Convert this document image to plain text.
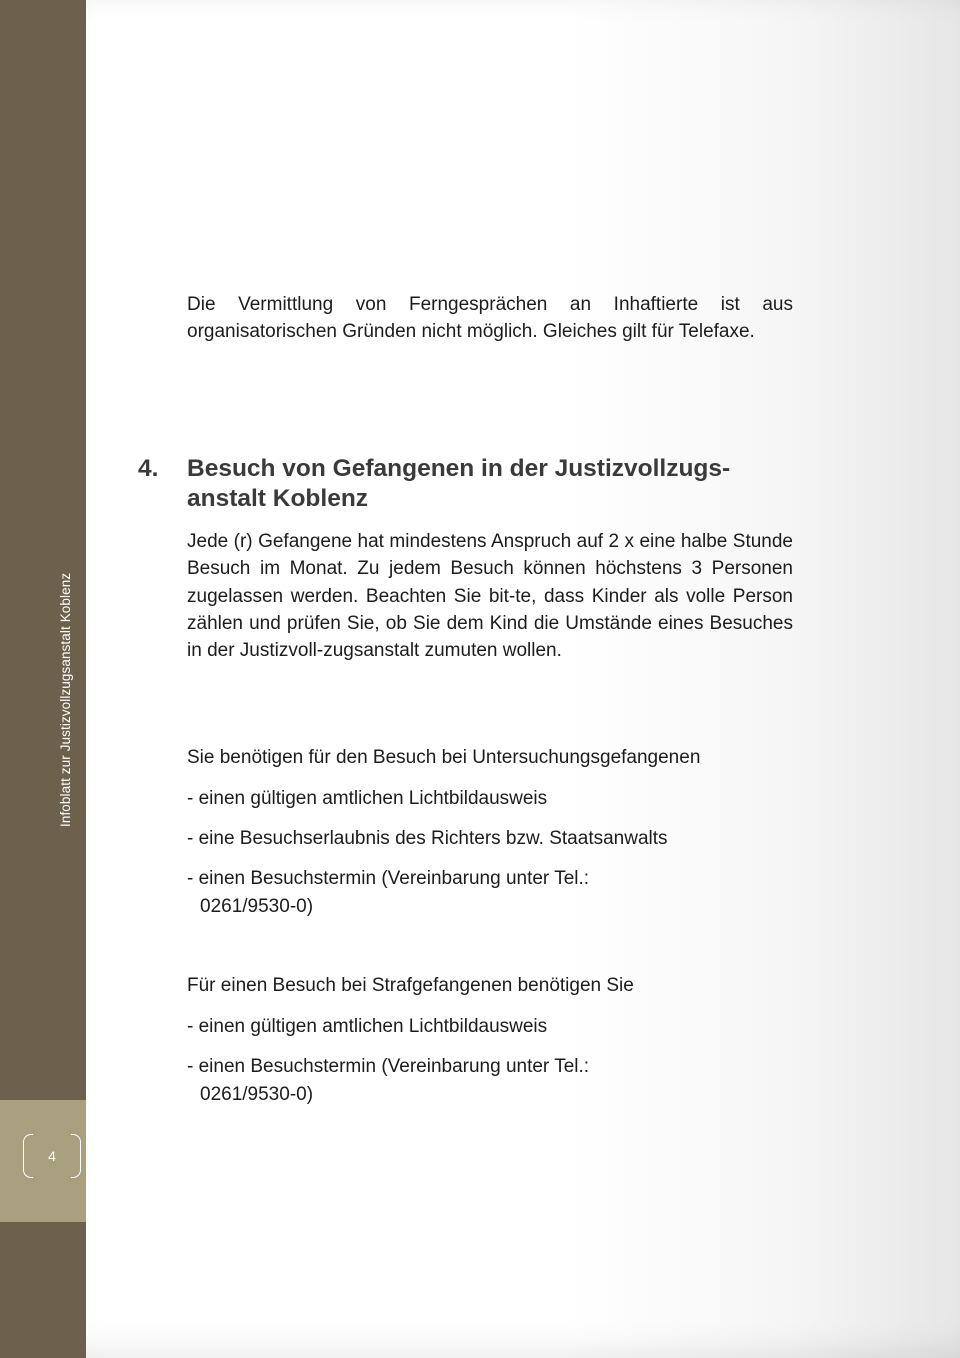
Infoblatt zur Justizvollzugsanstalt Koblenz
4

Die Vermittlung von Ferngesprächen an Inhaftierte ist aus organisatorischen Gründen nicht möglich. Gleiches gilt für Telefaxe.

4. Besuch von Gefangenen in der Justizvollzugs-anstalt Koblenz

Jede (r) Gefangene hat mindestens Anspruch auf 2 x eine halbe Stunde Besuch im Monat. Zu jedem Besuch können höchstens 3 Personen zugelassen werden. Beachten Sie bit-te, dass Kinder als volle Person zählen und prüfen Sie, ob Sie dem Kind die Umstände eines Besuches in der Justizvoll-zugsanstalt zumuten wollen.

Sie benötigen für den Besuch bei Untersuchungsgefangenen
- einen gültigen amtlichen Lichtbildausweis
- eine Besuchserlaubnis des Richters bzw. Staatsanwalts
- einen Besuchstermin (Vereinbarung unter Tel.:
0261/9530-0)
Für einen Besuch bei Strafgefangenen benötigen Sie
- einen gültigen amtlichen Lichtbildausweis
- einen Besuchstermin (Vereinbarung unter Tel.:
0261/9530-0)
